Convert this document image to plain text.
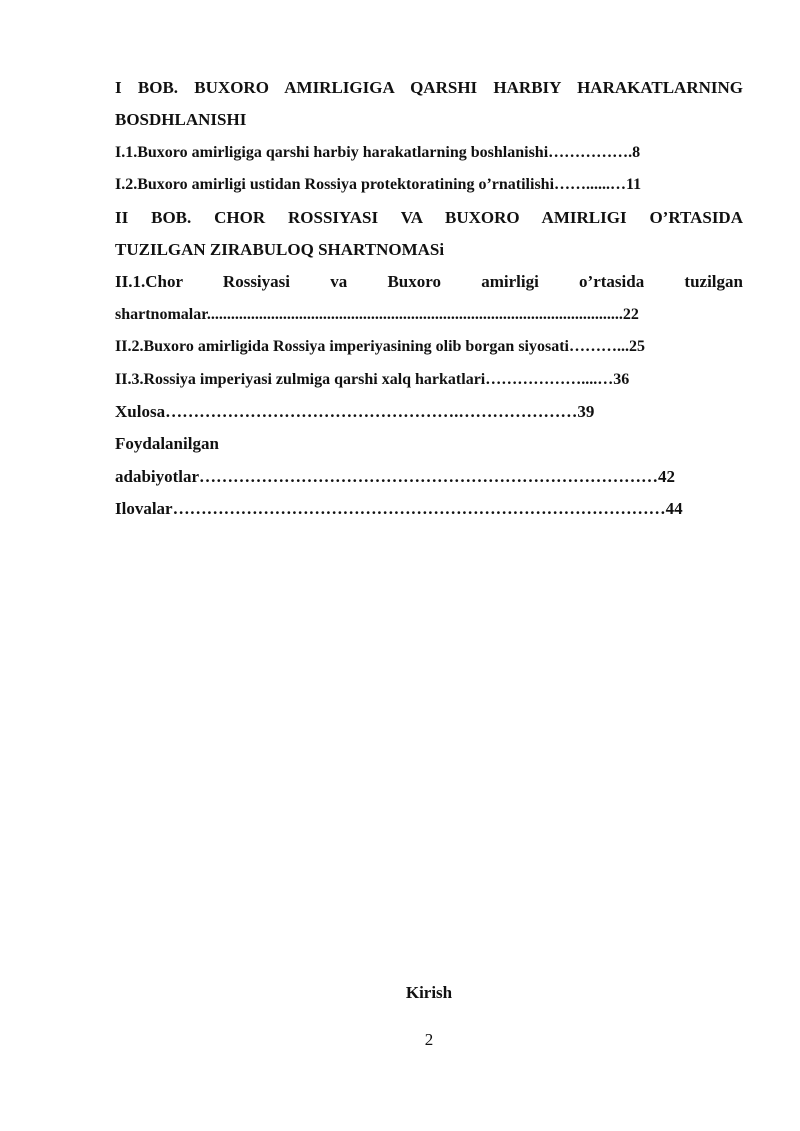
I BOB. BUXORO AMIRLIGIGA QARSHI HARBIY HARAKATLARNING
BOSDHLANISHI
I.1.Buxoro amirligiga qarshi harbiy harakatlarning boshlanishi…………….8
I.2.Buxoro amirligi ustidan Rossiya protektoratining o’rnatilishi……......…11
II BOB. CHOR ROSSIYASI VA BUXORO AMIRLIGI O’RTASIDA
TUZILGAN ZIRABULOQ SHARTNOMASi
II.1.Chor Rossiyasi va Buxoro amirligi o’rtasida tuzilgan
shartnomalar........................................................................................................22
II.2.Buxoro amirligida Rossiya imperiyasining olib borgan siyosati………...25
II.3.Rossiya imperiyasi zulmiga qarshi xalq harkatlari………………....…36
Xulosa…………………………………………….…………………39
Foydalanilgan
adabiyotlar………………………………………………………………………42
Ilovalar……………………………………………………………………………44
Kirish
2
